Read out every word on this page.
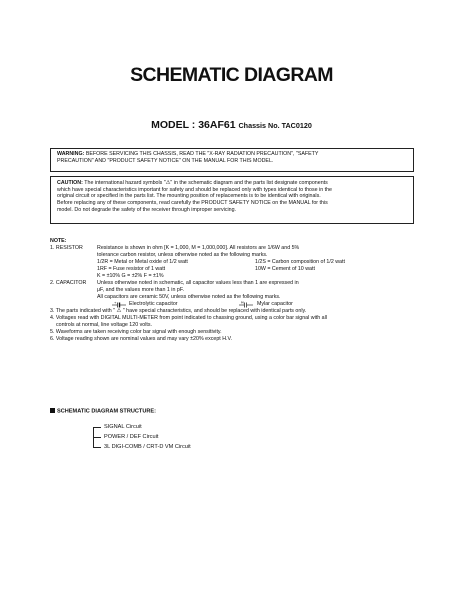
SCHEMATIC DIAGRAM
MODEL : 36AF61 Chassis No. TAC0120
WARNING: BEFORE SERVICING THIS CHASSIS, READ THE "X-RAY RADIATION PRECAUTION", "SAFETY
PRECAUTION" AND "PRODUCT SAFETY NOTICE" ON THE MANUAL FOR THIS MODEL.
CAUTION: The international hazard symbols "⚠" in the schematic diagram and the parts list designate components
which have special characteristics important for safety and should be replaced only with types identical to those in the
original circuit or specified in the parts list. The mounting position of replacements is to be identical with originals.
Before replacing any of these components, read carefully the PRODUCT SAFETY NOTICE on the MANUAL for this
model. Do not degrade the safety of the receiver through improper servicing.
NOTE:
1. RESISTOR	Resistance is shown in ohm [K = 1,000, M = 1,000,000]. All resistors are 1/6W and 5%
tolerance carbon resistor, unless otherwise noted as the following marks.
1/2R = Metal or Metal oxide of 1/2 watt	1/2S = Carbon composition of 1/2 watt
1RF = Fuse resistor of 1 watt	10W = Cement of 10 watt
K = ±10% G = ±2% F = ±1%
2. CAPACITOR Unless otherwise noted in schematic, all capacitor values less than 1 are expressed in
μF, and the values more than 1 in pF.
All capacitors are ceramic 50V, unless otherwise noted as the following marks.
+ Electrolytic capacitor	M	Mylar capacitor
3. The parts indicated with " ⚠ " have special characteristics, and should be replaced with identical parts only.
4. Voltages read with DIGITAL MULTI-METER from point indicated to chassing ground, using a color bar signal with all
controls at normal, line voltage 120 volts.
5. Waveforms are taken receiving color bar signal with enough sensitivity.
6. Voltage reading shown are nominal values and may vary ±20% except H.V.
SCHEMATIC DIAGRAM STRUCTURE:
SIGNAL Circuit
POWER / DEF Circuit
3L DIGI-COMB / CRT-D VM Circuit
